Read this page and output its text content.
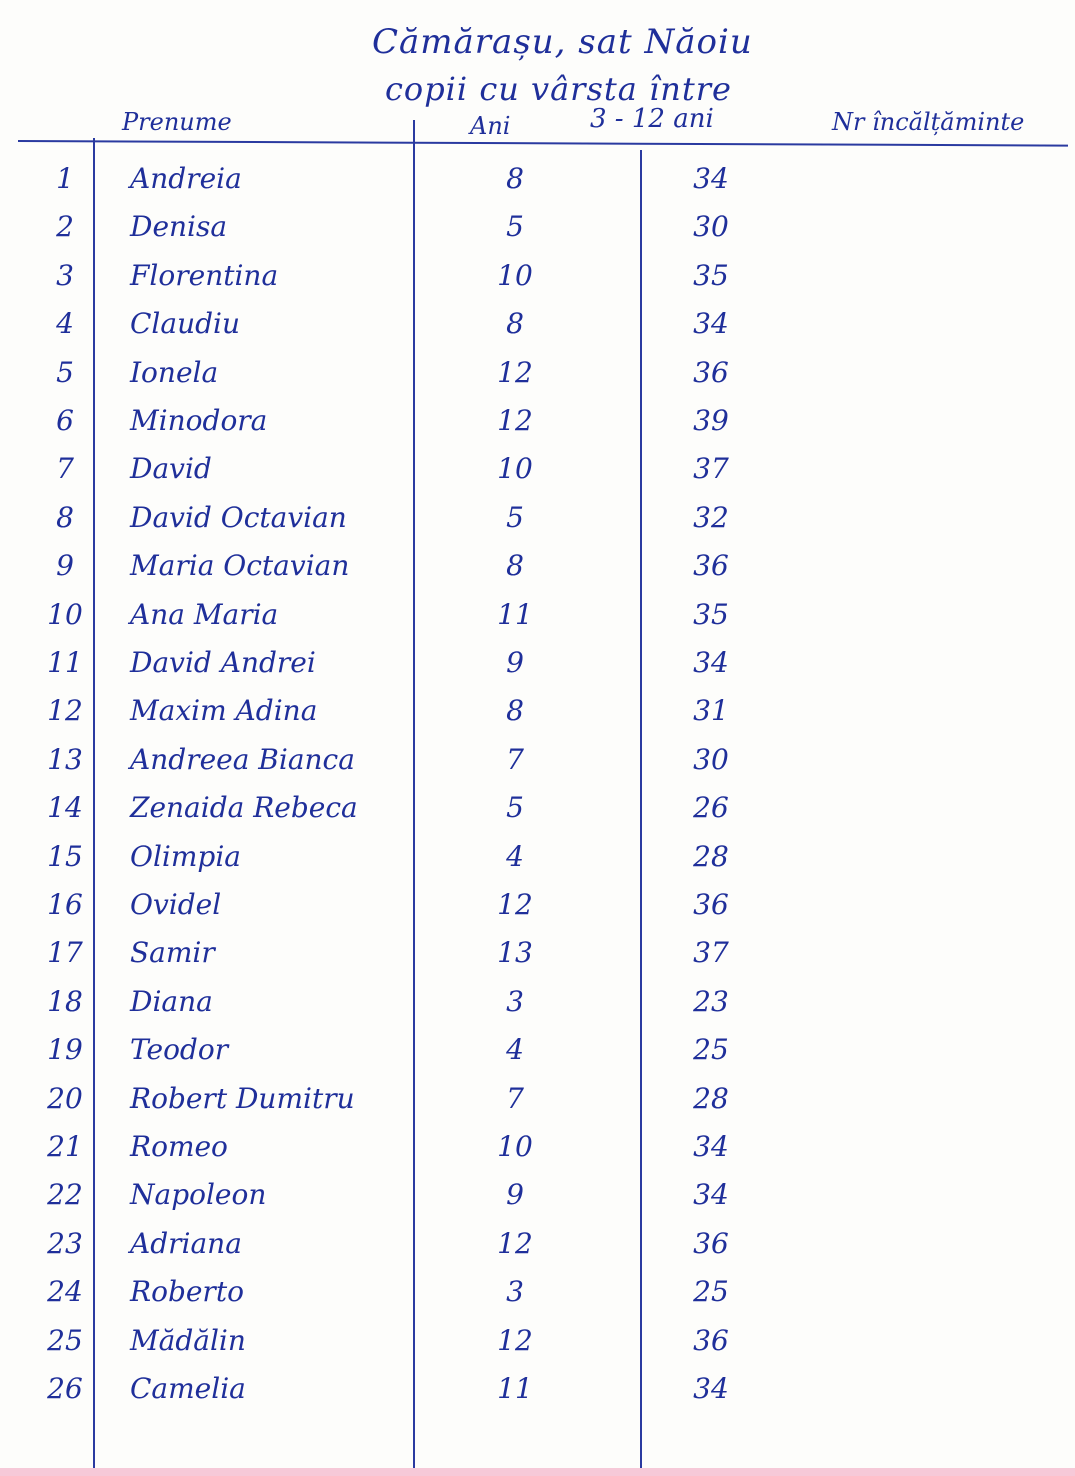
Cămărașu, sat Năoiu
copii cu vârsta între
Prenume	Ani	3 - 12 ani	Nr încălțăminte
1	Andreia	8	34
2	Denisa	5	30
3	Florentina	10	35
4	Claudiu	8	34
5	Ionela	12	36
6	Minodora	12	39
7	David	10	37
8	David Octavian	5	32
9	Maria Octavian	8	36
10 Ana Maria	11	35
11 David Andrei	9	34
12 Maxim Adina	8	31
13 Andreea Bianca	7	30
14 Zenaida Rebeca	5	26
15 Olimpia	4	28
16 Ovidel	12	36
17 Samir	13	37
18 Diana	3	23
19 Teodor	4	25
20 Robert Dumitru	7	28
21 Romeo	10	34
22 Napoleon	9	34
23 Adriana	12	36
24 Roberto	3	25
25 Mădălin	12	36
26 Camelia	11	34
